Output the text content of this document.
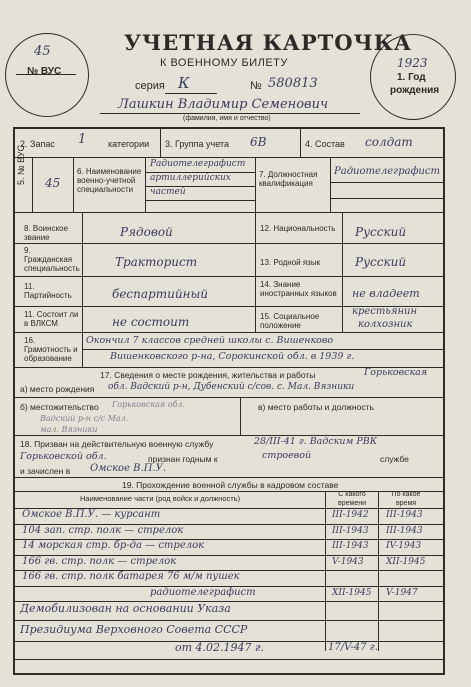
УЧЕТНАЯ КАРТОЧКА
К ВОЕННОМУ БИЛЕТУ
серия К	№ 580813
45
№ ВУС
1923
1. Год
рождения
Лашкин Владимир Семенович
(фамилия, имя и отчество)
2. Запас 1 категории 3. Группа учета 6В	4. Состав солдат
5. № ВУС 45
6. Наименование военно-учетной специальности
Радиотелеграфист
артиллерийских
частей
7. Должностная квалификация
Радиотелеграфист
8. Воинское звание	Рядовой	12. Национальность	Русский
9. Гражданская специальность	Тракторист	13. Родной язык	Русский
11. Партийность	беспартийный
14. Знание иностранных языков	не владеет
11. Состоит ли в ВЛКСМ	не состоит	15. Социальное положение
крестьянин
колхозник
16. Грамотность и образование
Окончил 7 классов средней школы с. Вишенково
Вишенковского р-на, Сорокинской обл. в 1939 г.
17. Сведения о месте рождения, жительства и работы	Горьковская
а) место рождения обл. Вадский р-н, Дубенский с/сов. с. Мал. Вязники
б) местожительство Горьковская обл.
Вадский р-н с/с Мал.
мал. Вязники
в) место работы и должность
18. Призван на действительную военную службу	28/III-41 г. Вадским РВК
Горьковской обл.	признан годным к	строевой	службе
и зачислен в Омское В.П.У.
19. Прохождение военной службы в кадровом составе
Наименование части (род войск и должность)	С какого времени
По какое время
Омское В.П.У. — курсант	III-1942 III-1943
104 зап. стр. полк — стрелок	III-1943 III-1943
14 морская стр. бр-да — стрелок	III-1943 IV-1943
166 гв. стр. полк — стрелок	V-1943 XII-1945
166 гв. стр. полк батарея 76 м/м пушек
радиотелеграфист	XII-1945 V-1947
Демобилизован на основании Указа
Президиума Верховного Совета СССР
от 4.02.1947 г.	17/V-47 г.
